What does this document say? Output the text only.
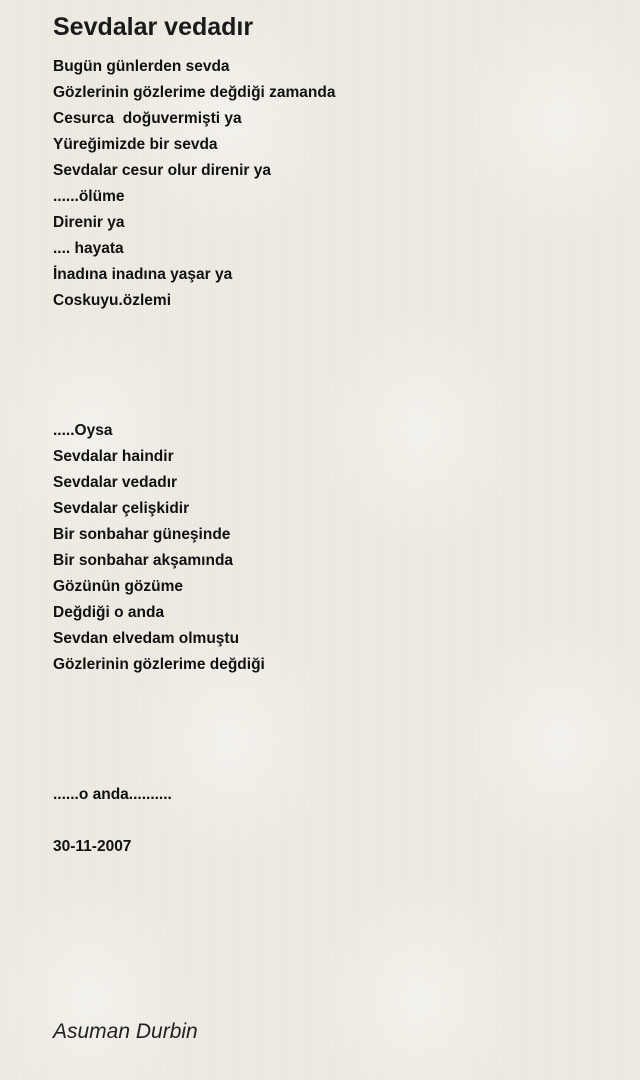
Sevdalar vedadır
Bugün günlerden sevda
Gözlerinin gözlerime değdiği zamanda
Cesurca  doğuvermişti ya
Yüreğimizde bir sevda
Sevdalar cesur olur direnir ya
......ölüme
Direnir ya
.... hayata
İnadına inadına yaşar ya
Coskuyu.özlemi
.....Oysa
Sevdalar haindir
Sevdalar vedadır
Sevdalar çelişkidir
Bir sonbahar güneşinde
Bir sonbahar akşamında
Gözünün gözüme
Değdiği o anda
Sevdan elvedam olmuştu
Gözlerinin gözlerime değdiği
......o anda..........
30-11-2007
Asuman Durbin
